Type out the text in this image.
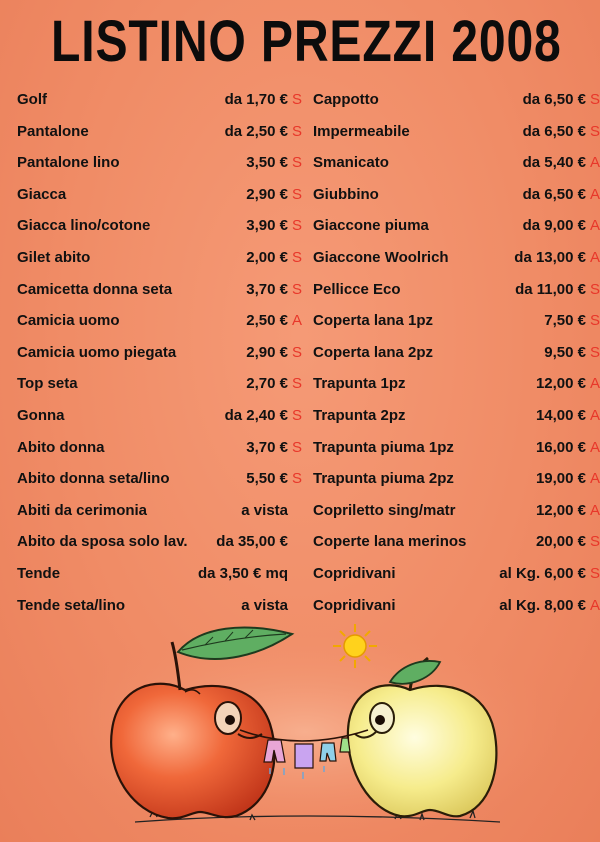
LISTINO PREZZI 2008
Golf	da 1,70 € S
Pantalone	da 2,50 € S
Pantalone lino	3,50 € S
Giacca	2,90 € S
Giacca lino/cotone	3,90 € S
Gilet abito	2,00 € S
Camicetta donna seta	3,70 € S
Camicia uomo	2,50 € A
Camicia uomo piegata	2,90 € S
Top seta	2,70 € S
Gonna	da 2,40 € S
Abito donna	3,70 € S
Abito donna seta/lino	5,50 € S
Abiti da cerimonia	a vista
Abito da sposa solo lav. da 35,00 €
Tende	da 3,50 € mq
Tende seta/lino	a vista
Cappotto	da 6,50 € S
Impermeabile	da 6,50 € S
Smanicato	da 5,40 € A
Giubbino	da 6,50 € A
Giaccone piuma	da 9,00 € A
Giaccone Woolrich	da 13,00 € A
Pellicce Eco	da 11,00 € S
Coperta lana 1pz	7,50 € S
Coperta lana 2pz	9,50 € S
Trapunta 1pz	12,00 € A
Trapunta 2pz	14,00 € A
Trapunta piuma 1pz	16,00 € A
Trapunta piuma 2pz	19,00 € A
Copriletto sing/matr	12,00 € A
Coperte lana merinos	20,00 € S
Copridivani	al Kg. 6,00 € S
Copridivani	al Kg. 8,00 € A
